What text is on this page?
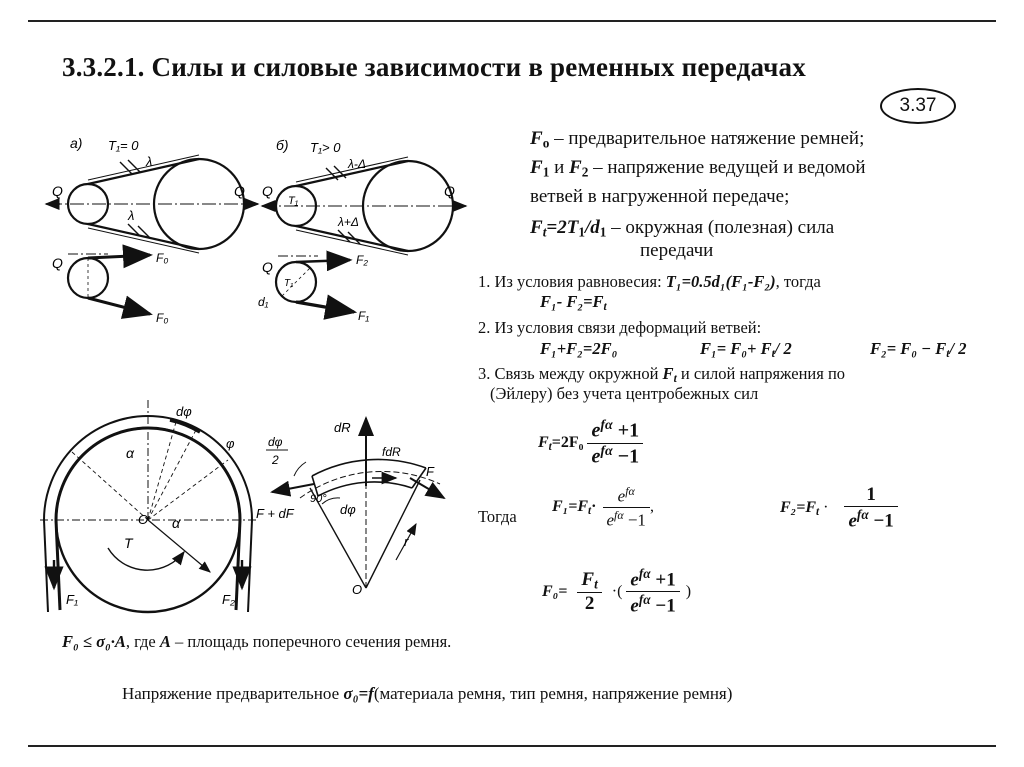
3.3.2.1. Силы и силовые зависимости в ременных передачах
3.37
$F_o$ – предварительное натяжение ремней;
$F_1$ и $F_2$ – напряжение ведущей и ведомой
ветвей в нагруженной передаче;
$F_t=2T_1/d_1$ – окружная (полезная) сила
передачи
1. Из условия равновесия: T₁=0.5d₁(F₁-F₂), тогда
F₁- $F_2=F_t$
2. Из условия связи деформаций ветвей:
F₁+F₂=2F₀	$F_1= F_0+ F_t/$ 2	$F_2= F_0 - F_t/$ 2
3. Связь между окружной $F_t$ и силой напряжения по
(Эйлеру) без учета центробежных сил
$F_t=2F_0 \frac{e^{f\alpha} +1}{e^{f\alpha} -1}$
Тогда
$F_1=F_t\cdot \frac{e^{f\alpha}}{e^{f\alpha} -1}$ ,	$F_2=F_t \cdot \frac{1}{e^{f\alpha} -1}$
$F_0= \frac{F_t}{2}$ ·( $\frac{e^{f\alpha} +1}{e^{f\alpha} -1}$ )
F₀ ≤ σ₀·A, где A – площадь поперечного сечения ремня.
Напряжение предварительное σ₀=f(материала ремня, тип ремня, напряжение ремня)
а) T₁= 0
λ
λ
Q	Q
Q	F₀
F₀
б) T₁> 0
λ-Δ
λ+Δ
T₁
Q	Q
Q
T₁
d₁
F₂
F₁
dφ
φ
α
α
O
T
F₁	F₂
dR
fdR
F
dφ
2
90°
F + dF	dφ
r
O
